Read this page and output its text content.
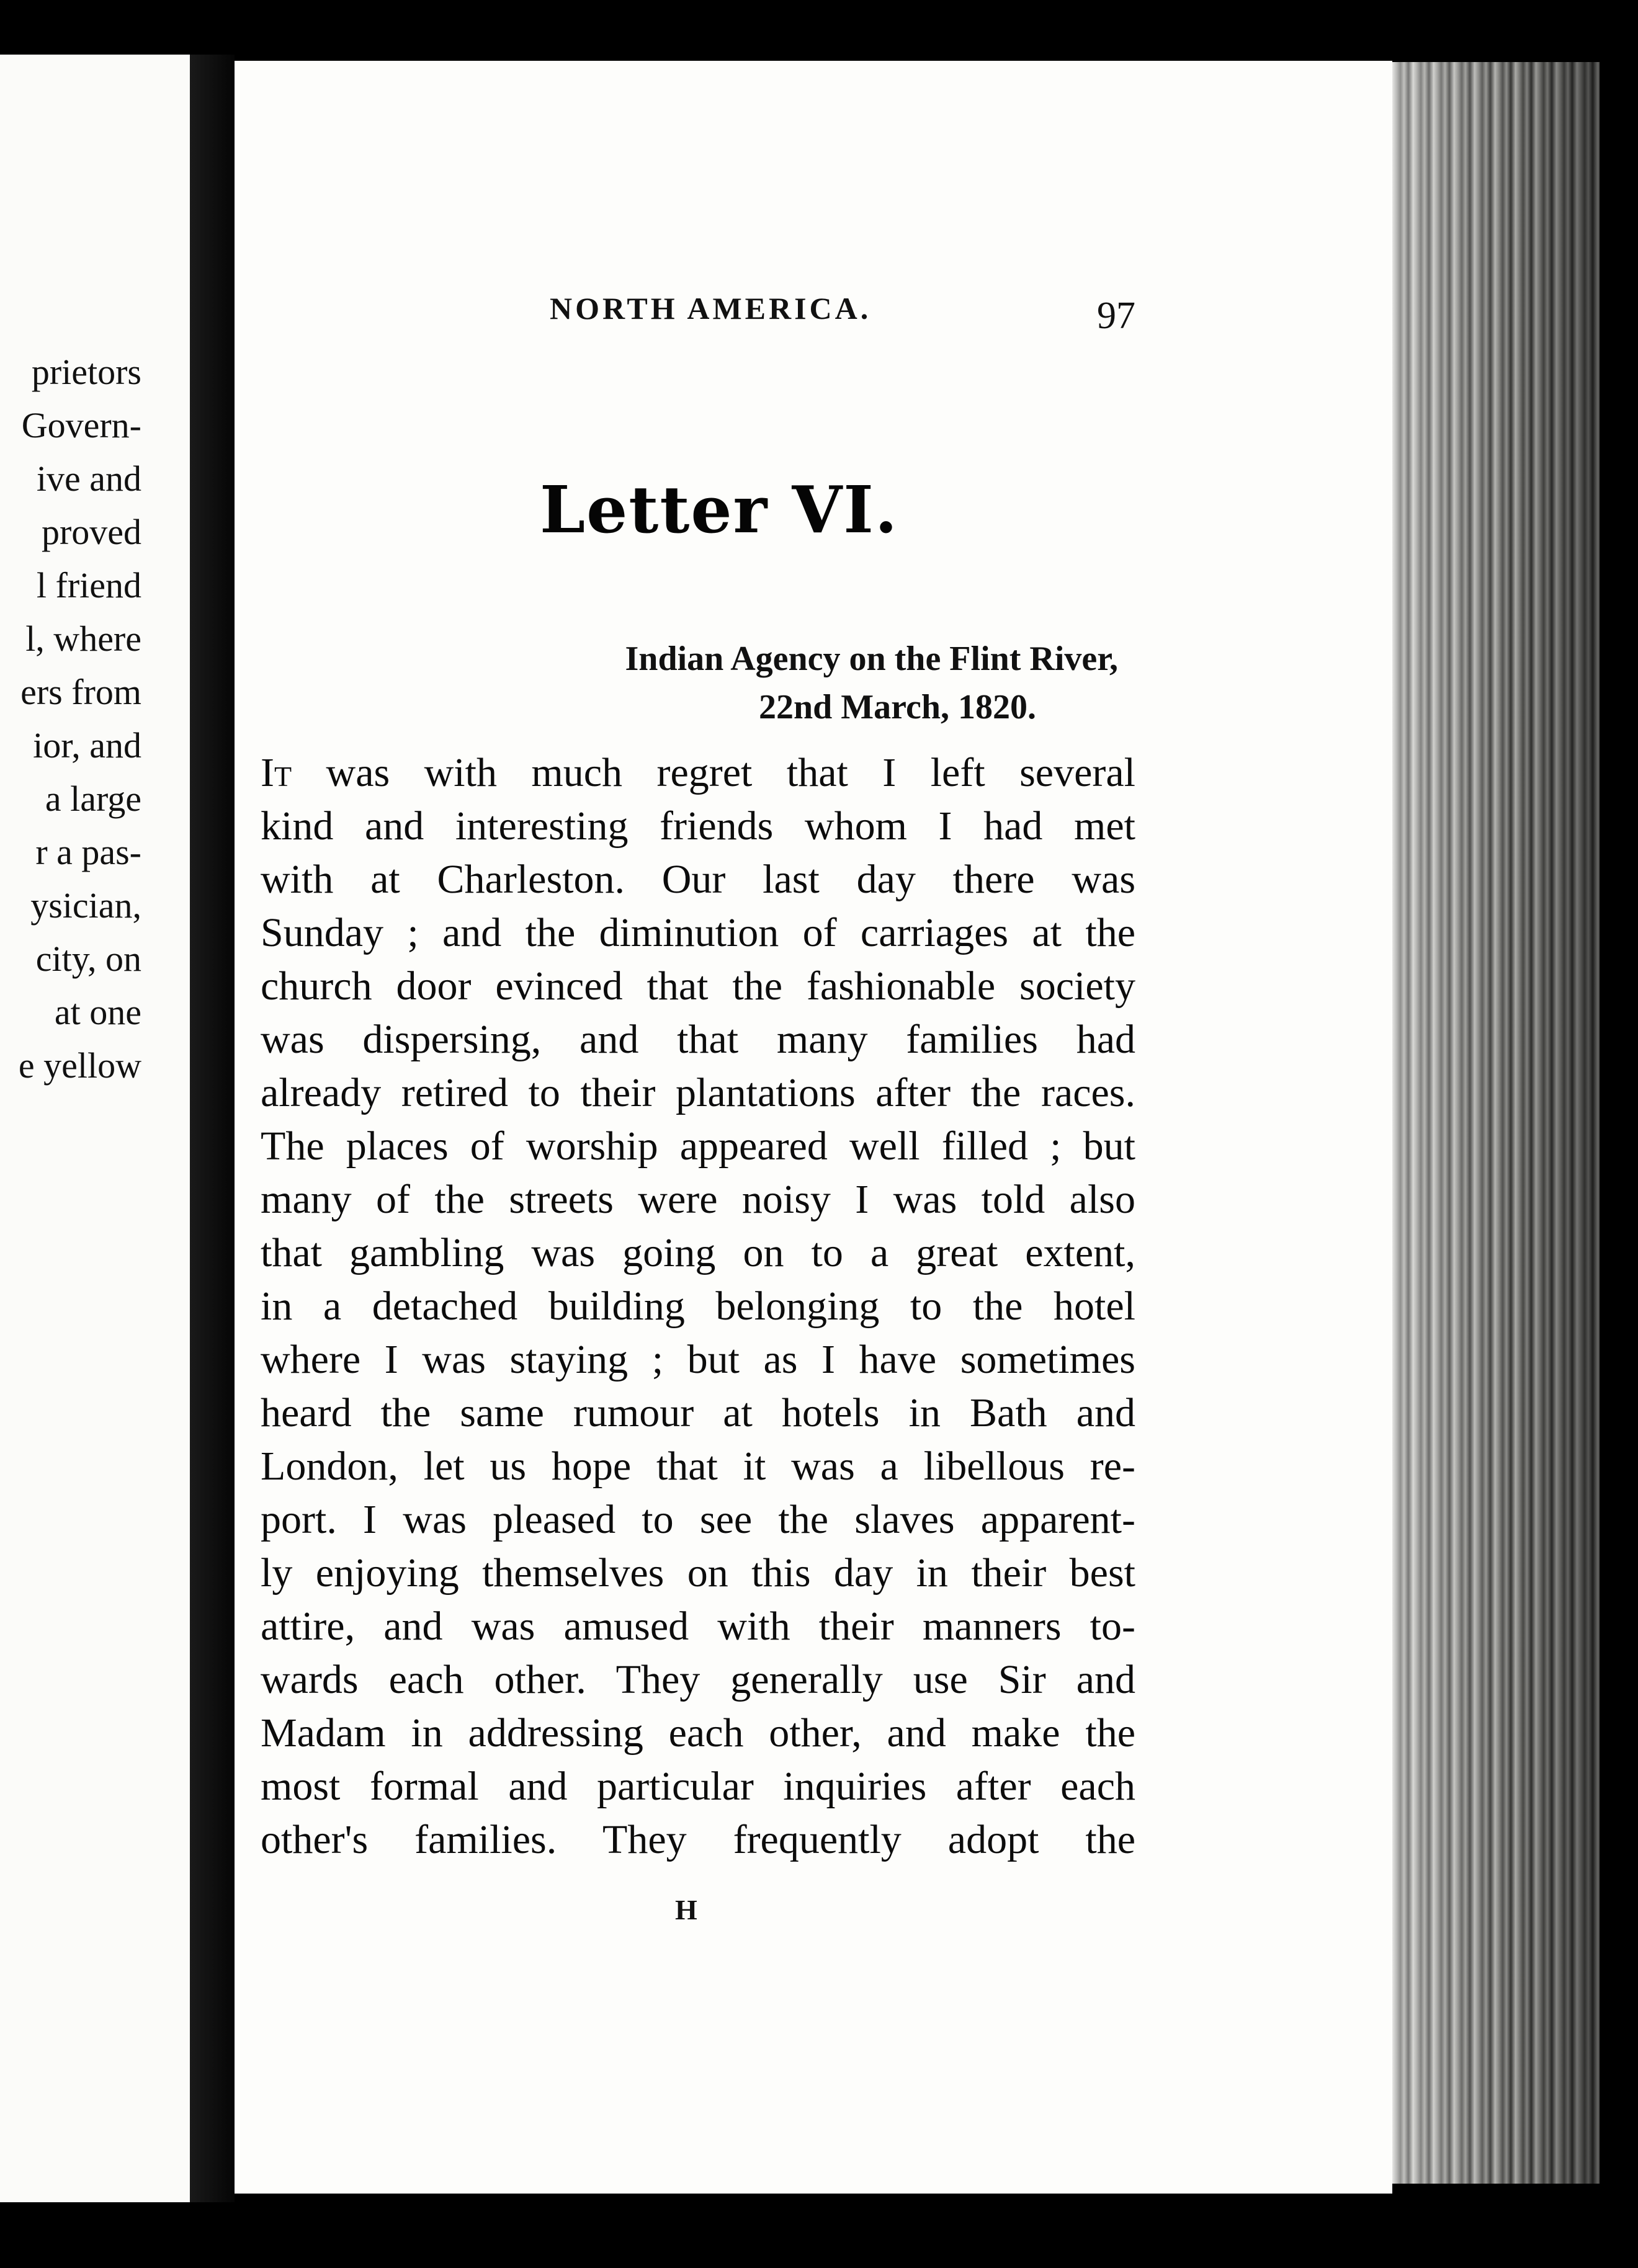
prietors
Govern-
ive and
proved
l friend
l, where
ers from
ior, and
a large
r a pas-
ysician,
city, on
at one
e yellow
NORTH AMERICA.	97
Letter VI.
Indian Agency on the Flint River,
22nd March, 1820.
It was with much regret that I left several
kind and interesting friends whom I had met
with at Charleston. Our last day there was
Sunday ; and the diminution of carriages at the
church door evinced that the fashionable society
was dispersing, and that many families had
already retired to their plantations after the races.
The places of worship appeared well filled ; but
many of the streets were noisy I was told also
that gambling was going on to a great extent,
in a detached building belonging to the hotel
where I was staying ; but as I have sometimes
heard the same rumour at hotels in Bath and
London, let us hope that it was a libellous re-
port. I was pleased to see the slaves apparent-
ly enjoying themselves on this day in their best
attire, and was amused with their manners to-
wards each other. They generally use Sir and
Madam in addressing each other, and make the
most formal and particular inquiries after each
other's families. They frequently adopt the
H
